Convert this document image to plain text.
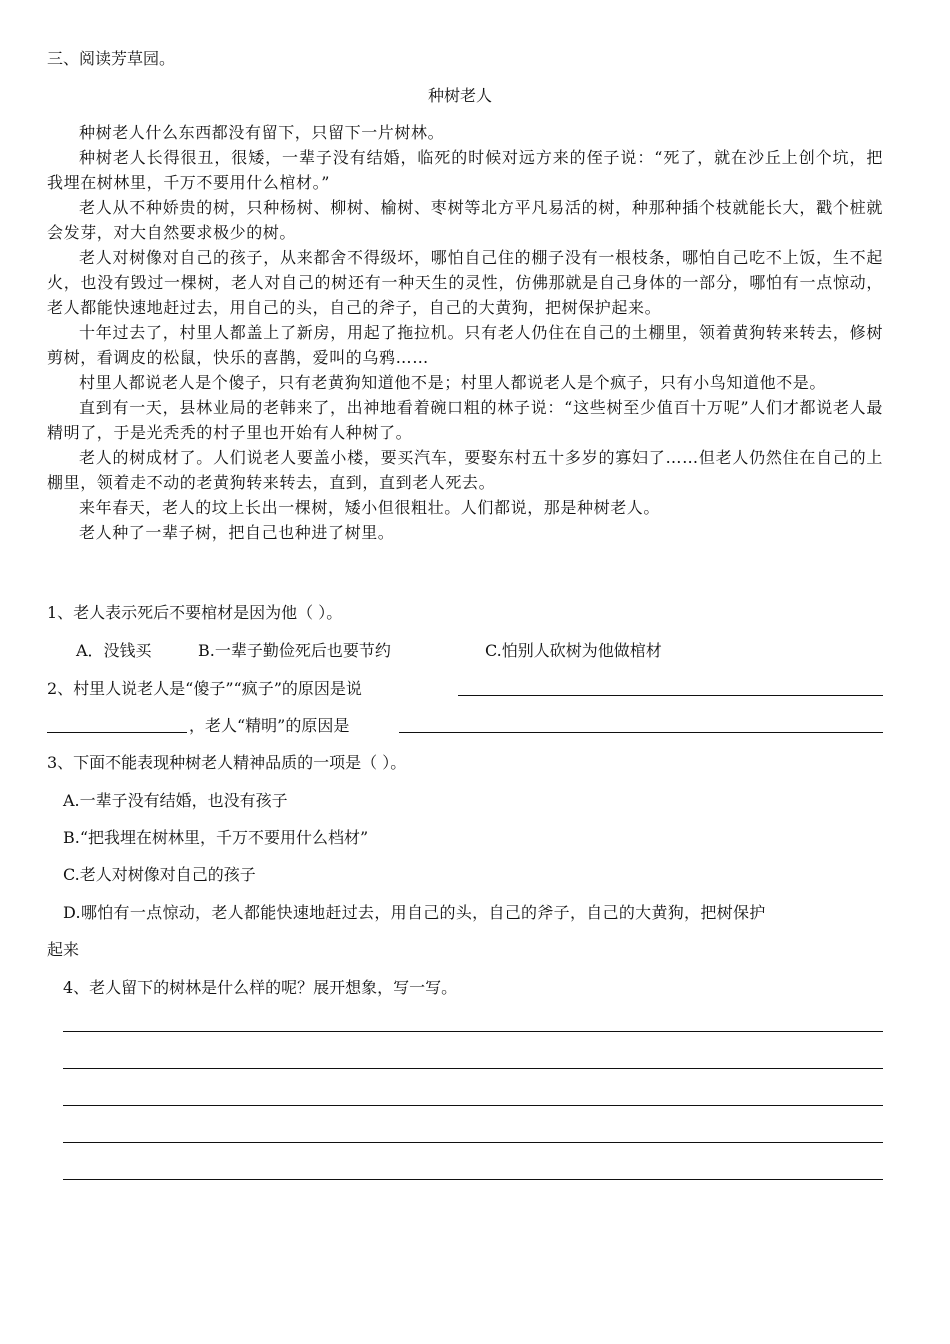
三、阅读芳草园。
种树老人

种树老人什么东西都没有留下，只留下一片树林。

种树老人长得很丑，很矮，一辈子没有结婚，临死的时候对远方来的侄子说：“死了，就在沙丘上创个坑，把我埋在树林里，千万不要用什么棺材。”

老人从不种娇贵的树，只种杨树、柳树、榆树、枣树等北方平凡易活的树，种那种插个枝就能长大，戳个桩就会发芽，对大自然要求极少的树。

老人对树像对自己的孩子，从来都舍不得级坏，哪怕自己住的棚子没有一根枝条，哪怕自己吃不上饭，生不起火，也没有毁过一棵树，老人对自己的树还有一种天生的灵性，仿佛那就是自己身体的一部分，哪怕有一点惊动，老人都能快速地赶过去，用自己的头，自己的斧子，自己的大黄狗，把树保护起来。

十年过去了，村里人都盖上了新房，用起了拖拉机。只有老人仍住在自己的土棚里，领着黄狗转来转去，修树剪树，看调皮的松鼠，快乐的喜鹊，爱叫的乌鸦……

村里人都说老人是个傻子，只有老黄狗知道他不是；村里人都说老人是个疯子，只有小鸟知道他不是。

直到有一天，县林业局的老韩来了，出神地看着碗口粗的林子说：“这些树至少值百十万呢”人们才都说老人最精明了，于是光秃秃的村子里也开始有人种树了。

老人的树成材了。人们说老人要盖小楼，要买汽车，要娶东村五十多岁的寡妇了……但老人仍然住在自己的上棚里，领着走不动的老黄狗转来转去，直到，直到老人死去。

来年春天，老人的坟上长出一棵树，矮小但很粗壮。人们都说，那是种树老人。

老人种了一辈子树，把自己也种进了树里。

1、老人表示死后不要棺材是因为他（ ）。
A．没钱买	B.一辈子勤俭死后也要节约	C.怕别人砍树为他做棺材
2、村里人说老人是“傻子”“疯子”的原因是说
，老人“精明”的原因是
3、下面不能表现种树老人精神品质的一项是（ ）。
A.一辈子没有结婚，也没有孩子
B.“把我埋在树林里，千万不要用什么档材”
C.老人对树像对自己的孩子
D.哪怕有一点惊动，老人都能快速地赶过去，用自己的头，自己的斧子，自己的大黄狗，把树保护
起来
4、老人留下的树林是什么样的呢？展开想象，写一写。
